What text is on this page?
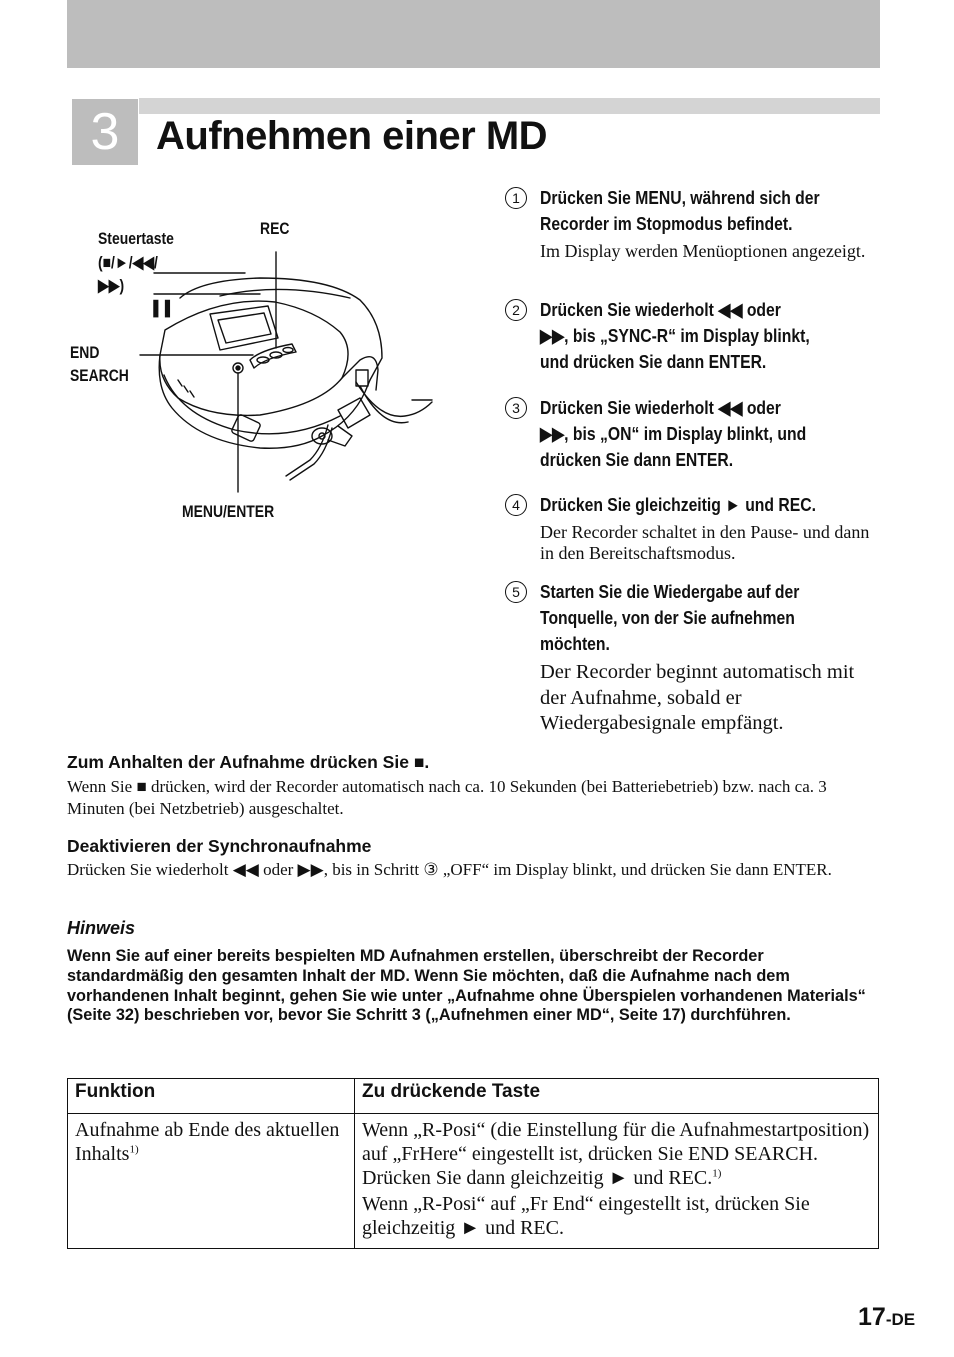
3 Aufnehmen einer MD
Steuertaste
(■/►/◀◀/
▶▶)
❚❚
REC
END
SEARCH
MENU/ENTER
1	Drücken Sie MENU, während sich der
Recorder im Stopmodus befindet.
Im Display werden Menüoptionen angezeigt.
2	Drücken Sie wiederholt ◀◀ oder
▶▶, bis „SYNC-R“ im Display blinkt,
und drücken Sie dann ENTER.
3	Drücken Sie wiederholt ◀◀ oder
▶▶, bis „ON“ im Display blinkt, und
drücken Sie dann ENTER.
4	Drücken Sie gleichzeitig ► und REC.
Der Recorder schaltet in den Pause- und dann in den Bereitschaftsmodus.
5	Starten Sie die Wiedergabe auf der
Tonquelle, von der Sie aufnehmen
möchten.
Der Recorder beginnt automatisch mit der Aufnahme, sobald er Wiedergabesignale empfängt.
Zum Anhalten der Aufnahme drücken Sie ■.
Wenn Sie ■ drücken, wird der Recorder automatisch nach ca. 10 Sekunden (bei Batteriebetrieb) bzw. nach ca. 3 Minuten (bei Netzbetrieb) ausgeschaltet.
Deaktivieren der Synchronaufnahme
Drücken Sie wiederholt ◀◀ oder ▶▶, bis in Schritt ③ „OFF“ im Display blinkt, und drücken Sie dann ENTER.
Hinweis
Wenn Sie auf einer bereits bespielten MD Aufnahmen erstellen, überschreibt der Recorder standardmäßig den gesamten Inhalt der MD. Wenn Sie möchten, daß die Aufnahme nach dem vorhandenen Inhalt beginnt, gehen Sie wie unter „Aufnahme ohne Überspielen vorhandenen Materials“ (Seite 32) beschrieben vor, bevor Sie Schritt 3 („Aufnehmen einer MD“, Seite 17) durchführen.
Funktion	Zu drückende Taste
Aufnahme ab Ende des aktuellen Inhalts$^{1)}$	Wenn „R-Posi“ (die Einstellung für die Aufnahmestartposition) auf „FrHere“ eingestellt ist, drücken Sie END SEARCH. Drücken Sie dann gleichzeitig ► und REC.$^{1)}$

Wenn „R-Posi“ auf „Fr End“ eingestellt ist, drücken Sie gleichzeitig ► und REC.

17-DE
